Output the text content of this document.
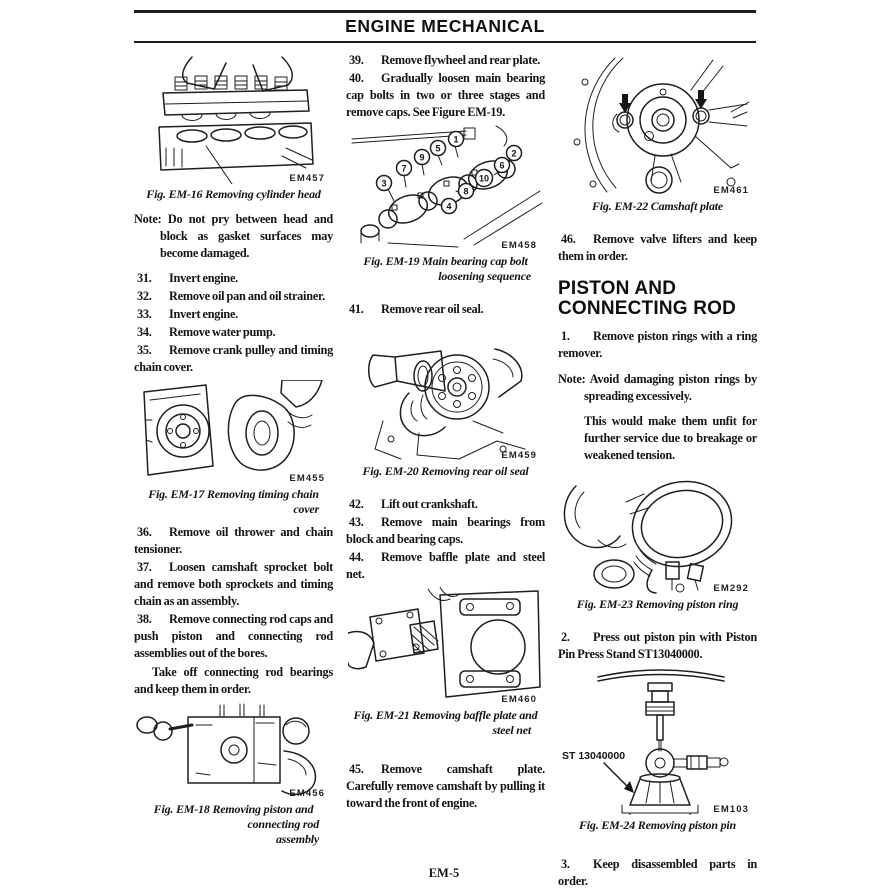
ENGINE MECHANICAL
EM457
Fig. EM-16 Removing cylinder head

Note: Do not pry between head and block as gasket surfaces may become damaged.

31. Invert engine.

32. Remove oil pan and oil strainer.

33. Invert engine.

34. Remove water pump.

35. Remove crank pulley and timing chain cover.

EM455
Fig. EM-17 Removing timing chain
cover

36. Remove oil thrower and chain tensioner.

37. Loosen camshaft sprocket bolt and remove both sprockets and timing chain as an assembly.

38. Remove connecting rod caps and push piston and connecting rod assemblies out of the bores.

Take off connecting rod bearings and keep them in order.

EM456
Fig. EM-18 Removing piston and
connecting rod
assembly

39. Remove flywheel and rear plate.

40. Gradually loosen main bearing cap bolts in two or three stages and remove caps. See Figure EM-19.

1
2
3
4
5
6
7
8
9
10
EM458
Fig. EM-19 Main bearing cap bolt
loosening sequence

41. Remove rear oil seal.

EM459
Fig. EM-20 Removing rear oil seal

42. Lift out crankshaft.

43. Remove main bearings from block and bearing caps.

44. Remove baffle plate and steel net.

EM460
Fig. EM-21 Removing baffle plate and
steel net

45. Remove camshaft plate. Carefully remove camshaft by pulling it toward the front of engine.

EM461
Fig. EM-22 Camshaft plate

46. Remove valve lifters and keep them in order.

PISTON AND
CONNECTING ROD

1. Remove piston rings with a ring remover.

Note: Avoid damaging piston rings by spreading excessively.

This would make them unfit for further service due to breakage or weakened tension.

EM292
Fig. EM-23 Removing piston ring

2. Press out piston pin with Piston Pin Press Stand ST13040000.

ST 13040000
EM103
Fig. EM-24 Removing piston pin

3. Keep disassembled parts in order.

EM-5
